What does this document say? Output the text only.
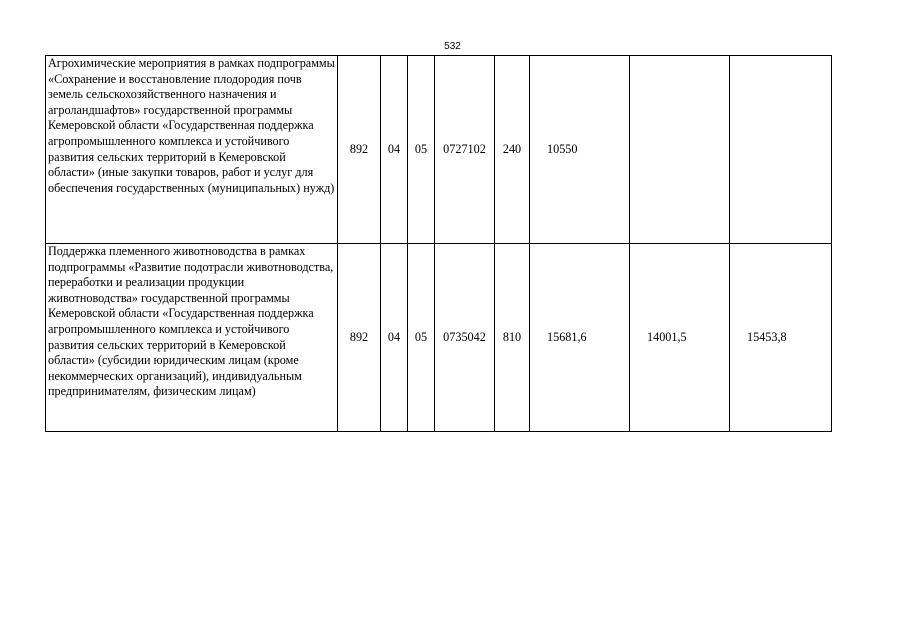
532
Агрохимические мероприятия в рамках подпрограммы «Сохранение и восстановление плодородия почв земель сельскохозяйственного назначения и агроландшафтов» государственной программы Кемеровской области «Государственная поддержка агропромышленного комплекса и устойчивого развития сельских территорий в Кемеровской области» (иные закупки товаров, работ и услуг для обеспечения государственных (муниципальных) нужд)	892	04	05	0727102	240	10550		
Поддержка племенного животноводства в рамках подпрограммы «Развитие подотрасли животноводства, переработки и реализации продукции животноводства» государственной программы Кемеровской области «Государственная поддержка агропромышленного комплекса и устойчивого развития сельских территорий в Кемеровской области» (субсидии юридическим лицам (кроме некоммерческих организаций), индивидуальным предпринимателям, физическим лицам)	892	04	05	0735042	810	15681,6	14001,5	15453,8
